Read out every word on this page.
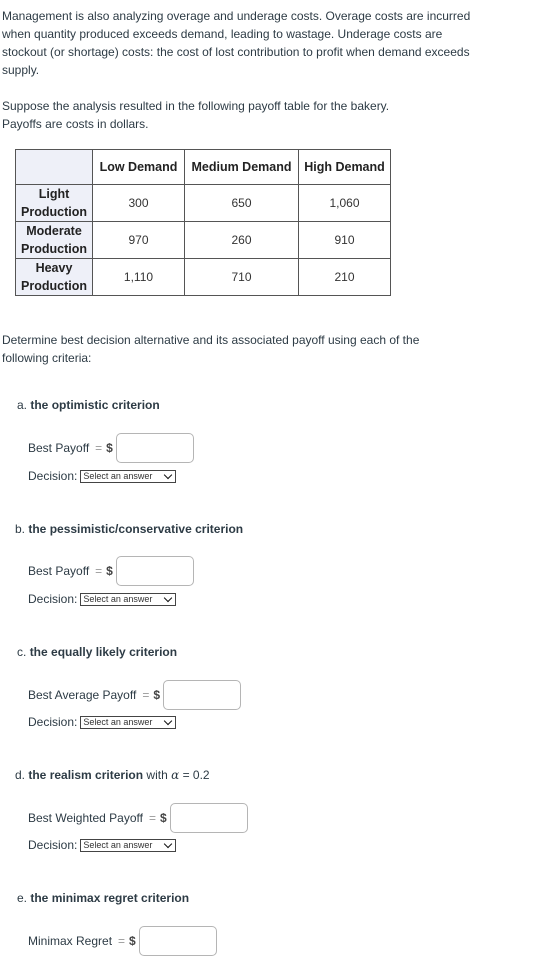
Management is also analyzing overage and underage costs. Overage costs are incurred when quantity produced exceeds demand, leading to wastage. Underage costs are stockout (or shortage) costs: the cost of lost contribution to profit when demand exceeds supply.
Suppose the analysis resulted in the following payoff table for the bakery.
Payoffs are costs in dollars.
	Low Demand	Medium Demand	High Demand

Light
Production	300	650	1,060

Moderate
Production	970	260	910

Heavy
Production	1,110	710	210
Determine best decision alternative and its associated payoff using each of the following criteria:
a. the optimistic criterion
Best Payoff = $
Decision: Select an answer
b. the pessimistic/conservative criterion
Best Payoff = $
Decision: Select an answer
c. the equally likely criterion
Best Average Payoff = $
Decision: Select an answer
d. the realism criterion with α = 0.2
Best Weighted Payoff = $
Decision: Select an answer
e. the minimax regret criterion
Minimax Regret = $
